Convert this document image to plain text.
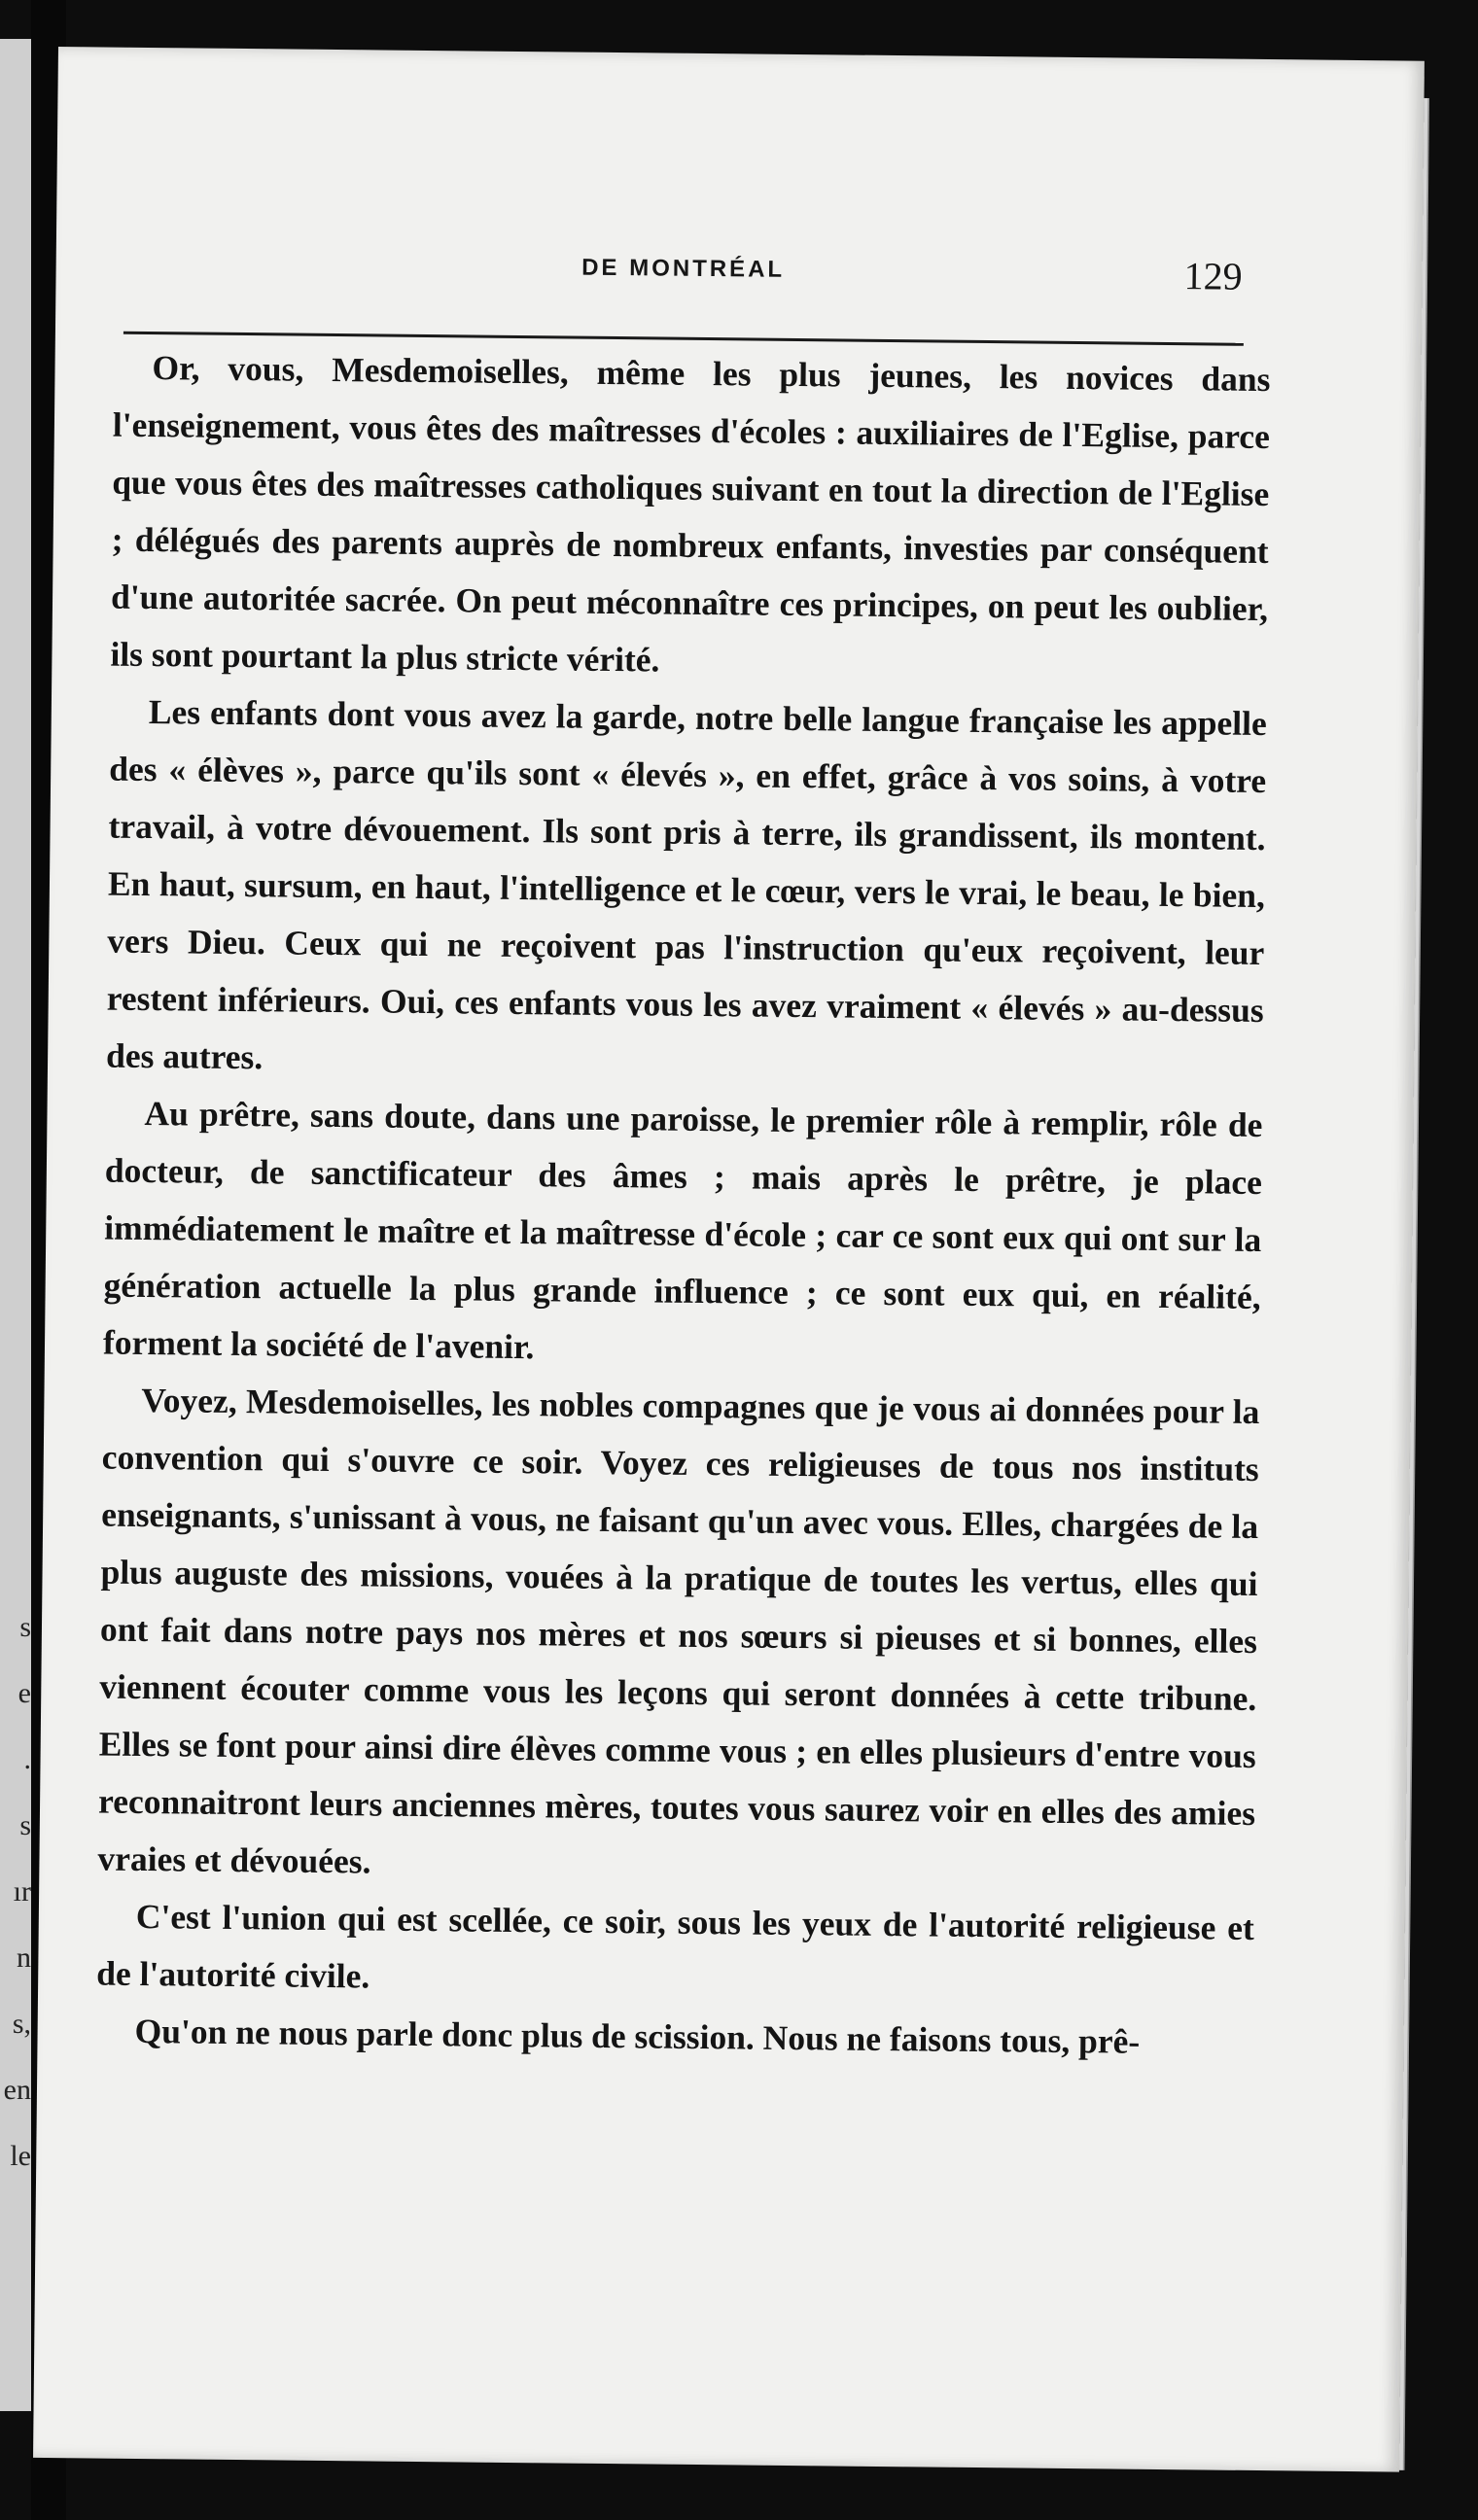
s
e
.
s
ır
n
s,
en
le
DE MONTRÉAL	129

Or, vous, Mesdemoiselles, même les plus jeunes, les novices dans l'enseignement, vous êtes des maîtresses d'écoles : auxiliaires de l'Eglise, parce que vous êtes des maîtresses catholiques suivant en tout la direction de l'Eglise ; délégués des parents auprès de nombreux enfants, investies par conséquent d'une autoritée sacrée. On peut méconnaître ces principes, on peut les oublier, ils sont pourtant la plus stricte vérité.

Les enfants dont vous avez la garde, notre belle langue française les appelle des « élèves », parce qu'ils sont « élevés », en effet, grâce à vos soins, à votre travail, à votre dévouement. Ils sont pris à terre, ils grandissent, ils montent. En haut, sursum, en haut, l'intelligence et le cœur, vers le vrai, le beau, le bien, vers Dieu. Ceux qui ne reçoivent pas l'instruction qu'eux reçoivent, leur restent inférieurs. Oui, ces enfants vous les avez vraiment « élevés » au-dessus des autres.

Au prêtre, sans doute, dans une paroisse, le premier rôle à remplir, rôle de docteur, de sanctificateur des âmes ; mais après le prêtre, je place immédiatement le maître et la maîtresse d'école ; car ce sont eux qui ont sur la génération actuelle la plus grande influence ; ce sont eux qui, en réalité, forment la société de l'avenir.

Voyez, Mesdemoiselles, les nobles compagnes que je vous ai données pour la convention qui s'ouvre ce soir. Voyez ces religieuses de tous nos instituts enseignants, s'unissant à vous, ne faisant qu'un avec vous. Elles, chargées de la plus auguste des missions, vouées à la pratique de toutes les vertus, elles qui ont fait dans notre pays nos mères et nos sœurs si pieuses et si bonnes, elles viennent écouter comme vous les leçons qui seront données à cette tribune. Elles se font pour ainsi dire élèves comme vous ; en elles plusieurs d'entre vous reconnaitront leurs anciennes mères, toutes vous saurez voir en elles des amies vraies et dévouées.

C'est l'union qui est scellée, ce soir, sous les yeux de l'autorité religieuse et de l'autorité civile.

Qu'on ne nous parle donc plus de scission. Nous ne faisons tous, prê-
